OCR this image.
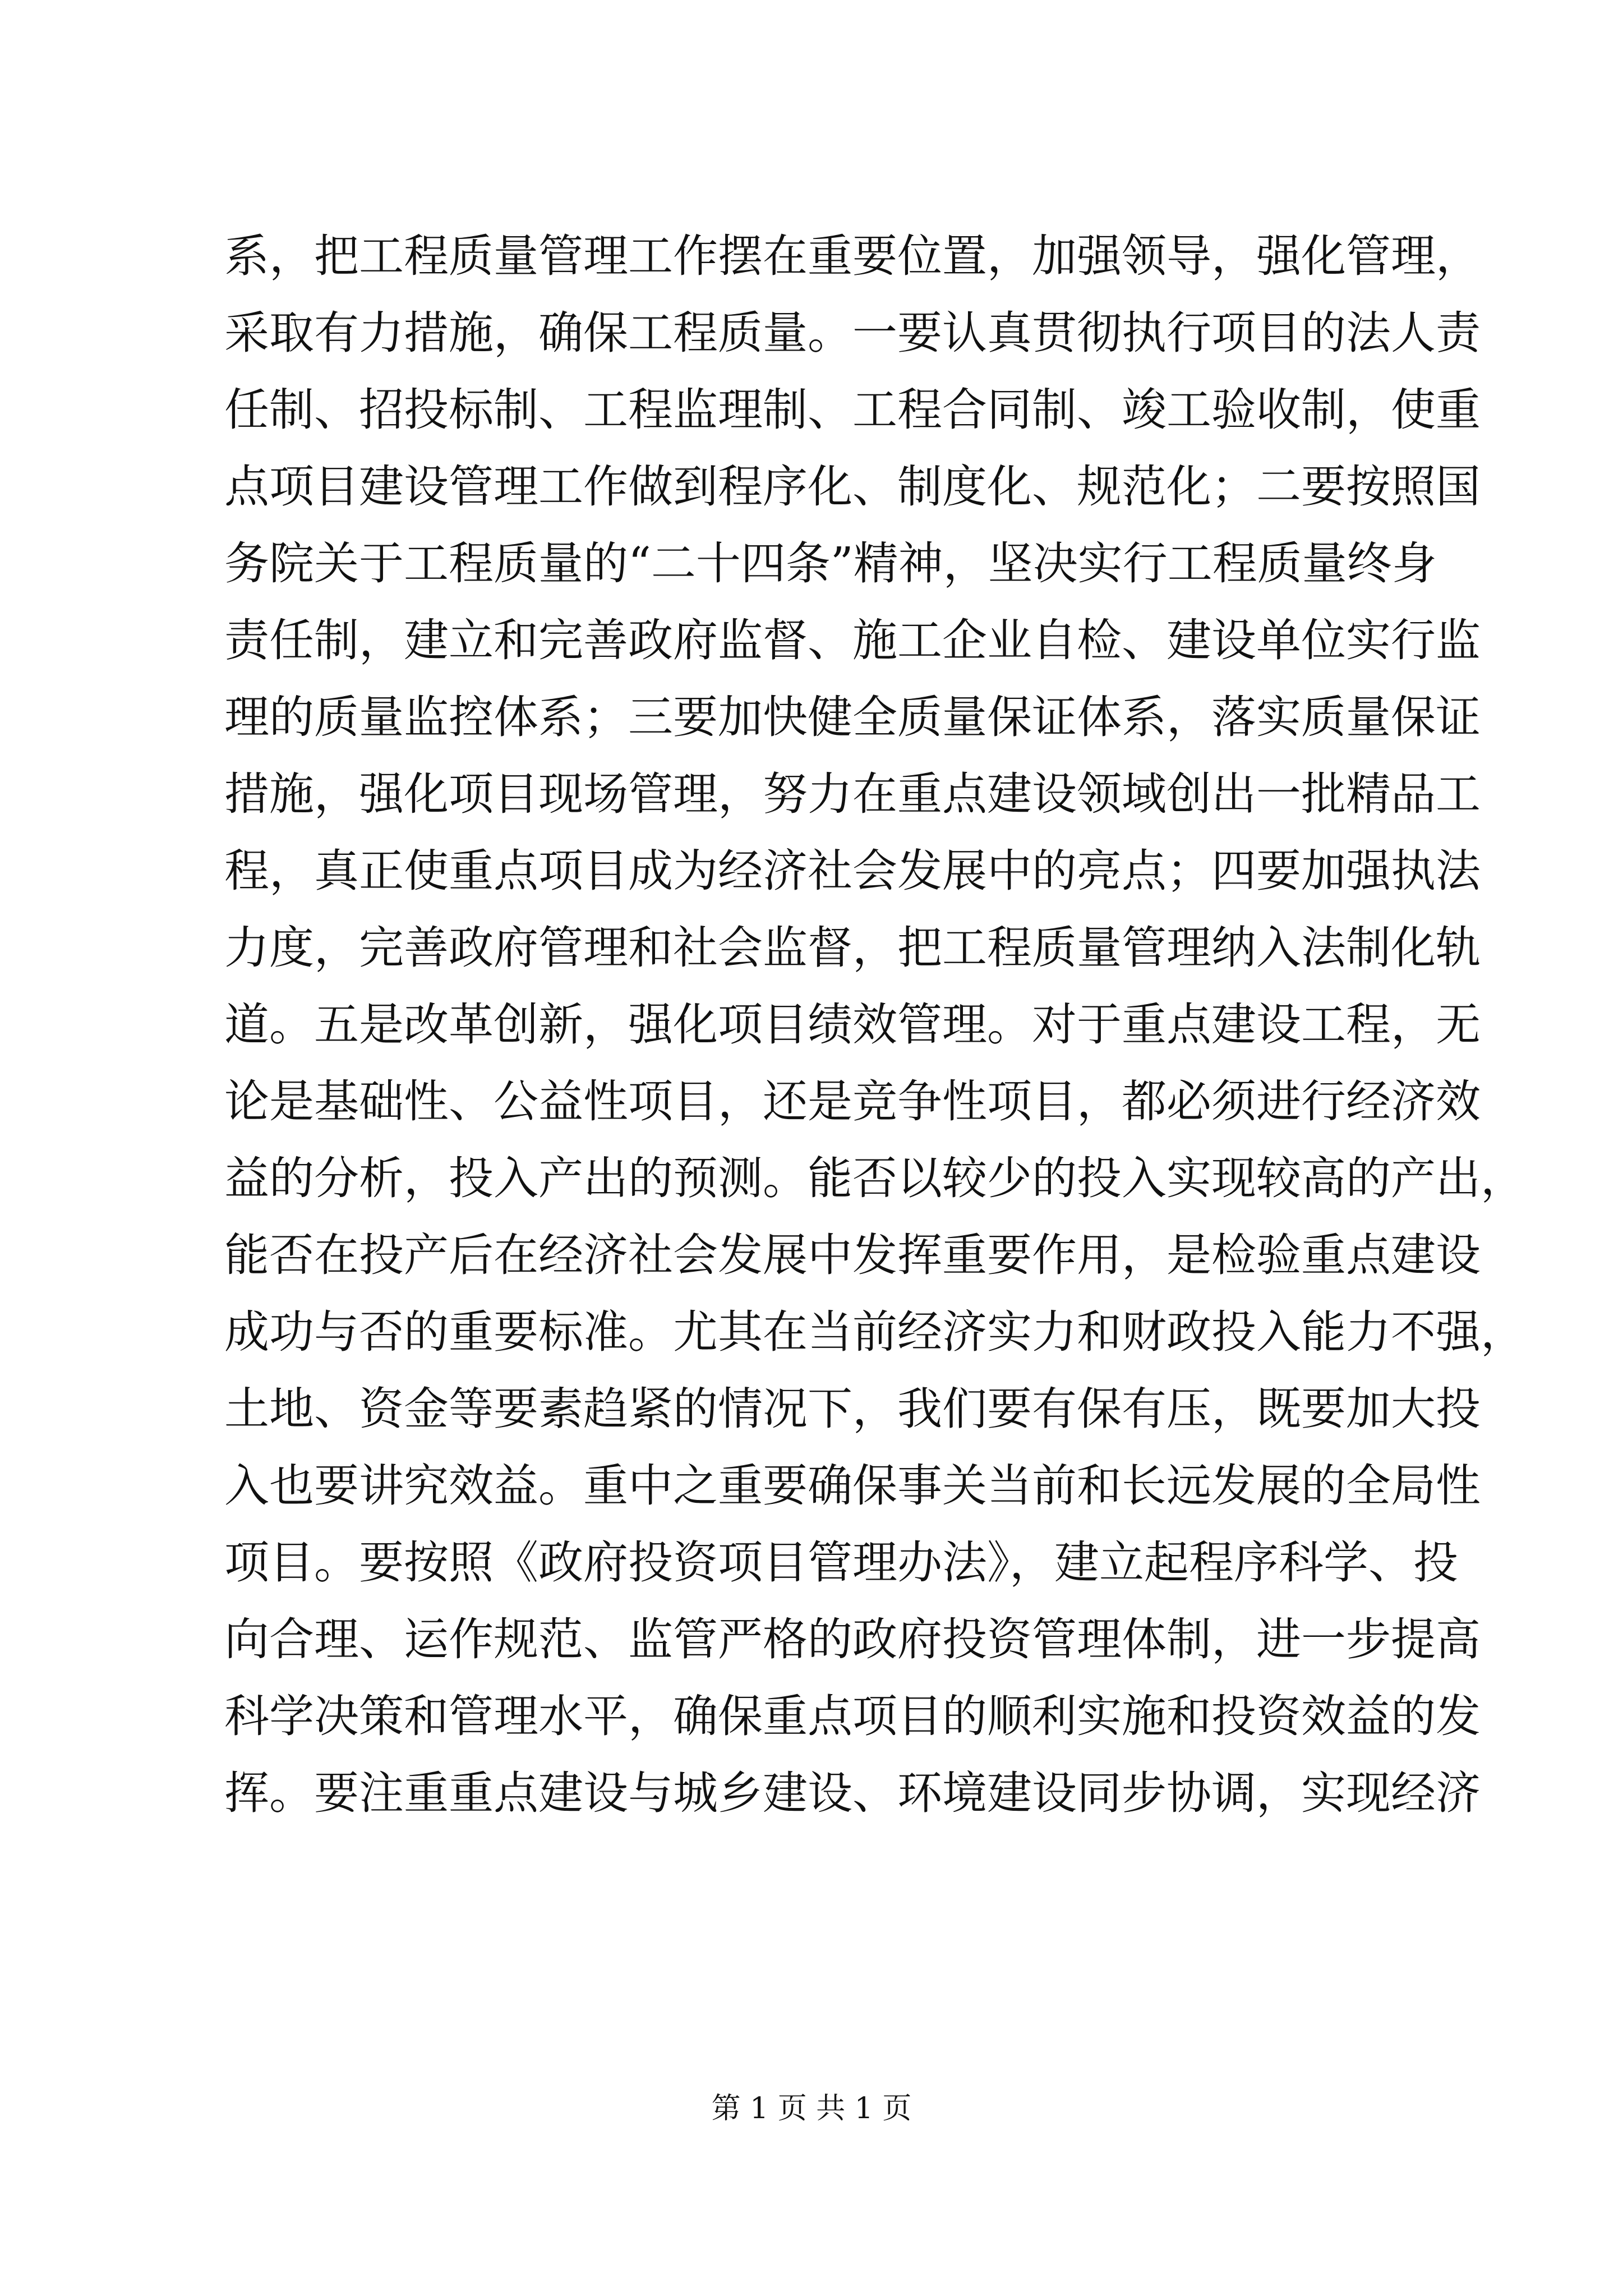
系，把工程质量管理工作摆在重要位置，加强领导，强化管理，
采取有力措施，确保工程质量。一要认真贯彻执行项目的法人责
任制、招投标制、工程监理制、工程合同制、竣工验收制，使重
点项目建设管理工作做到程序化、制度化、规范化；二要按照国
务院关于工程质量的“二十四条”精神，坚决实行工程质量终身
责任制，建立和完善政府监督、施工企业自检、建设单位实行监
理的质量监控体系；三要加快健全质量保证体系，落实质量保证
措施，强化项目现场管理，努力在重点建设领域创出一批精品工
程，真正使重点项目成为经济社会发展中的亮点；四要加强执法
力度，完善政府管理和社会监督，把工程质量管理纳入法制化轨
道。五是改革创新，强化项目绩效管理。对于重点建设工程，无
论是基础性、公益性项目，还是竞争性项目，都必须进行经济效
益的分析，投入产出的预测。能否以较少的投入实现较高的产出，
能否在投产后在经济社会发展中发挥重要作用，是检验重点建设
成功与否的重要标准。尤其在当前经济实力和财政投入能力不强，
土地、资金等要素趋紧的情况下，我们要有保有压，既要加大投
入也要讲究效益。重中之重要确保事关当前和长远发展的全局性
项目。要按照《政府投资项目管理办法》，建立起程序科学、投
向合理、运作规范、监管严格的政府投资管理体制，进一步提高
科学决策和管理水平，确保重点项目的顺利实施和投资效益的发
挥。要注重重点建设与城乡建设、环境建设同步协调，实现经济

第 1 页 共 1 页
